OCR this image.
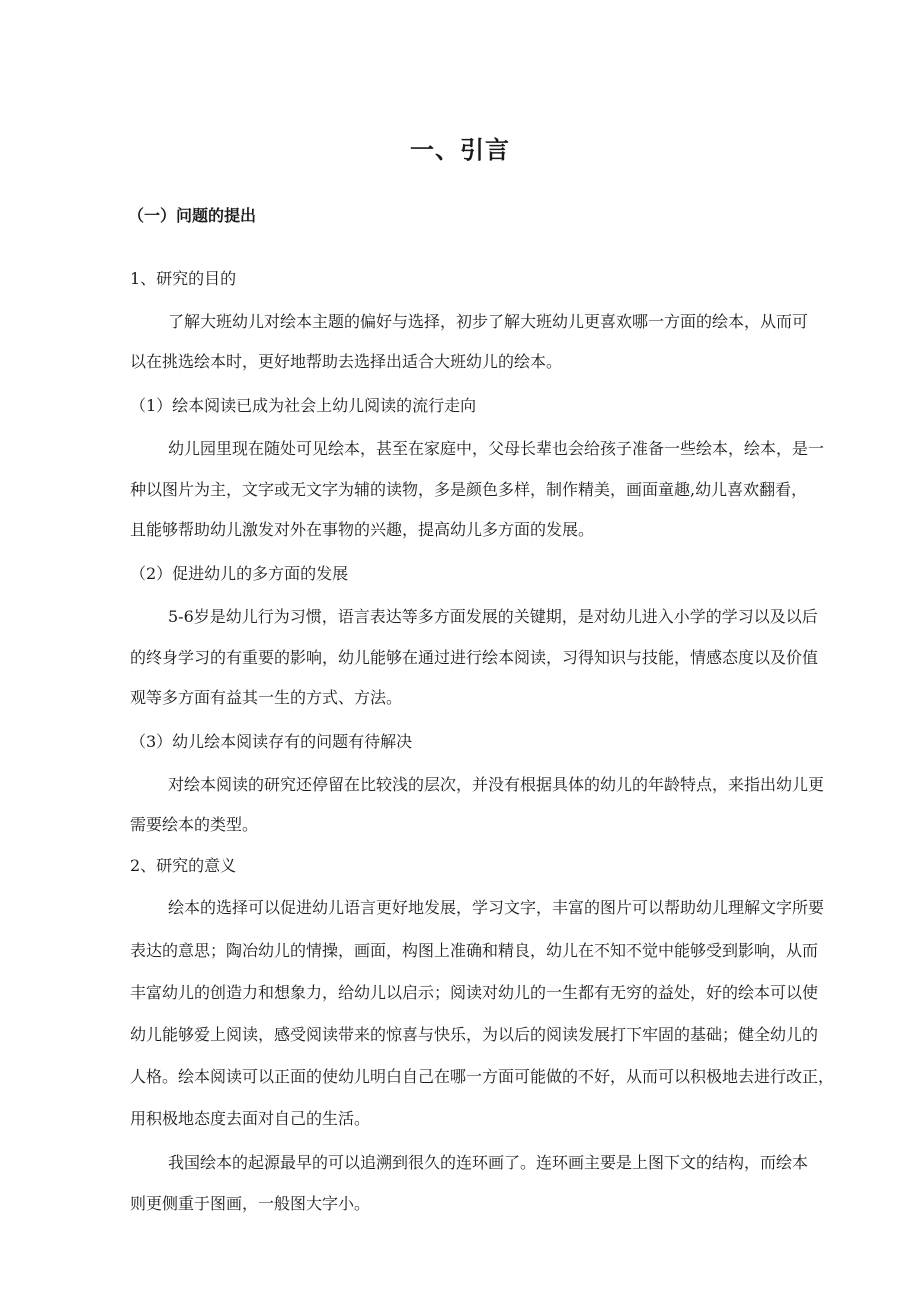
一、引言
（一）问题的提出
1、研究的目的
了解大班幼儿对绘本主题的偏好与选择，初步了解大班幼儿更喜欢哪一方面的绘本，从而可
以在挑选绘本时，更好地帮助去选择出适合大班幼儿的绘本。
（1）绘本阅读已成为社会上幼儿阅读的流行走向
幼儿园里现在随处可见绘本，甚至在家庭中，父母长辈也会给孩子准备一些绘本，绘本，是一
种以图片为主，文字或无文字为辅的读物，多是颜色多样，制作精美，画面童趣,幼儿喜欢翻看，
且能够帮助幼儿激发对外在事物的兴趣，提高幼儿多方面的发展。
（2）促进幼儿的多方面的发展
5-6岁是幼儿行为习惯，语言表达等多方面发展的关键期，是对幼儿进入小学的学习以及以后
的终身学习的有重要的影响，幼儿能够在通过进行绘本阅读，习得知识与技能，情感态度以及价值
观等多方面有益其一生的方式、方法。
（3）幼儿绘本阅读存有的问题有待解决
对绘本阅读的研究还停留在比较浅的层次，并没有根据具体的幼儿的年龄特点，来指出幼儿更
需要绘本的类型。
2、研究的意义
绘本的选择可以促进幼儿语言更好地发展，学习文字，丰富的图片可以帮助幼儿理解文字所要
表达的意思；陶冶幼儿的情操，画面，构图上准确和精良，幼儿在不知不觉中能够受到影响，从而
丰富幼儿的创造力和想象力，给幼儿以启示；阅读对幼儿的一生都有无穷的益处，好的绘本可以使
幼儿能够爱上阅读，感受阅读带来的惊喜与快乐，为以后的阅读发展打下牢固的基础；健全幼儿的
人格。绘本阅读可以正面的使幼儿明白自己在哪一方面可能做的不好，从而可以积极地去进行改正，
用积极地态度去面对自己的生活。
我国绘本的起源最早的可以追溯到很久的连环画了。连环画主要是上图下文的结构，而绘本
则更侧重于图画，一般图大字小。
